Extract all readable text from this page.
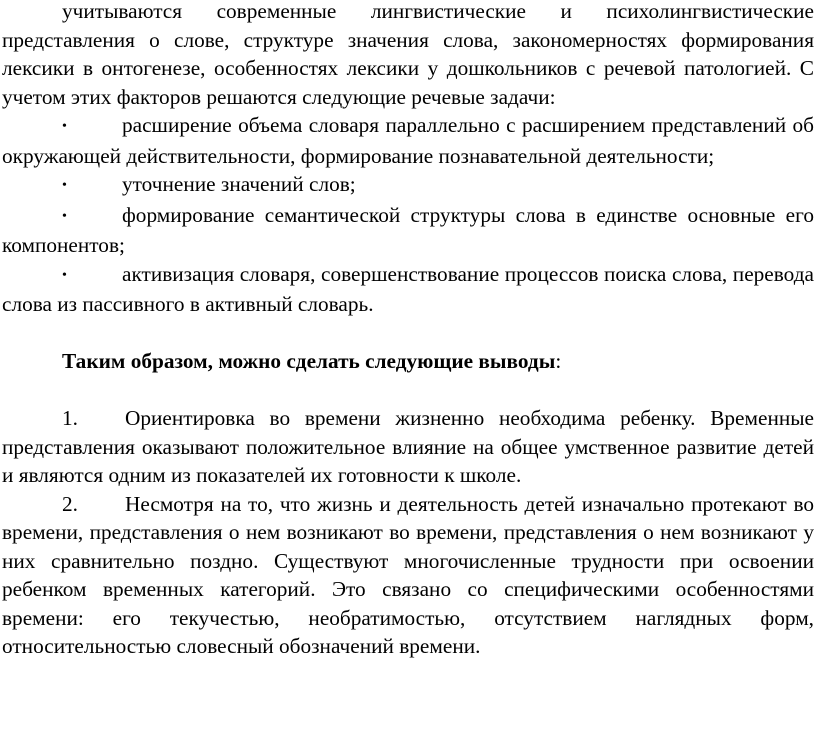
учитываются современные лингвистические и психолингвистические представления о слове, структуре значения слова, закономерностях формирования лексики в онтогенезе, особенностях лексики у дошкольников с речевой патологией. С учетом этих факторов решаются следующие речевые задачи:

•	расширение объема словаря параллельно с расширением представлений об окружающей действительности, формирование познавательной деятельности;

•	уточнение значений слов;

•	формирование семантической структуры слова в единстве основные его компонентов;

•	активизация словаря, совершенствование процессов поиска слова, перевода слова из пассивного в активный словарь.

Таким образом, можно сделать следующие выводы:

1. Ориентировка во времени жизненно необходима ребенку. Временные представления оказывают положительное влияние на общее умственное развитие детей и являются одним из показателей их готовности к школе.

2. Несмотря на то, что жизнь и деятельность детей изначально протекают во времени, представления о нем возникают во времени, представления о нем возникают у них сравнительно поздно. Существуют многочисленные трудности при освоении ребенком временных категорий. Это связано со специфическими особенностями времени: его текучестью, необратимостью, отсутствием наглядных форм, относительностью словесный обозначений времени.
